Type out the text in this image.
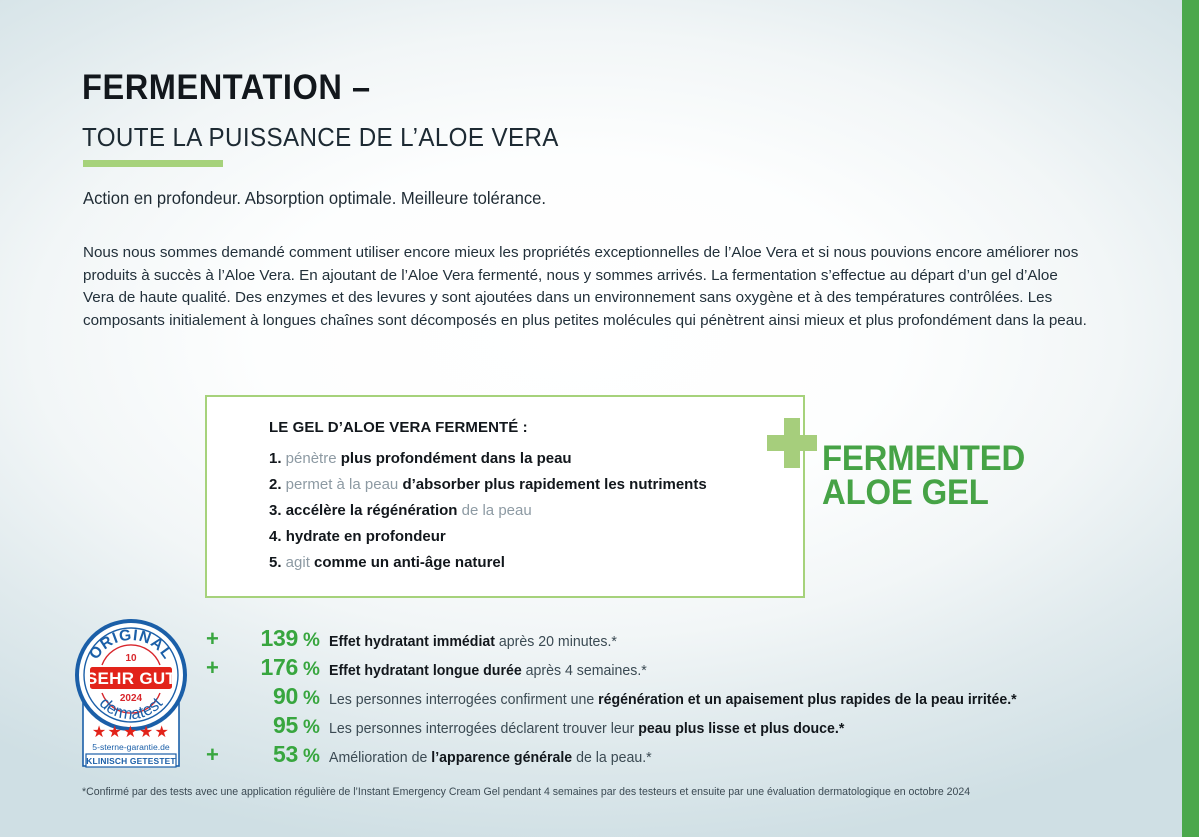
FERMENTATION –
TOUTE LA PUISSANCE DE L’ALOE VERA
Action en profondeur. Absorption optimale. Meilleure tolérance.

Nous nous sommes demandé comment utiliser encore mieux les propriétés exceptionnelles de l’Aloe Vera et si nous pouvions encore améliorer nos produits à succès à l’Aloe Vera. En ajoutant de l’Aloe Vera fermenté, nous y sommes arrivés. La fermentation s’effectue au départ d’un gel d’Aloe Vera de haute qualité. Des enzymes et des levures y sont ajoutées dans un environnement sans oxygène et à des températures contrôlées. Les composants initialement à longues chaînes sont décomposés en plus petites molécules qui pénètrent ainsi mieux et plus profondément dans la peau.

LE GEL D’ALOE VERA FERMENTÉ :
1. pénètre plus profondément dans la peau
2. permet à la peau d’absorber plus rapidement les nutriments
3. accélère la régénération de la peau
4. hydrate en profondeur
5. agit comme un anti-âge naturel
FERMENTED
ALOE GEL
ORIGINAL
10
SEHR GUT
2024
dermatest
★★★★★
5-sterne-garantie.de
KLINISCH GETESTET
+	139 % Effet hydratant immédiat après 20 minutes.*
+	176 % Effet hydratant longue durée après 4 semaines.*
90 % Les personnes interrogées confirment une régénération et un apaisement plus rapides de la peau irritée.*
95 % Les personnes interrogées déclarent trouver leur peau plus lisse et plus douce.*
+	53 % Amélioration de l’apparence générale de la peau.*
*Confirmé par des tests avec une application régulière de l’Instant Emergency Cream Gel pendant 4 semaines par des testeurs et ensuite par une évaluation dermatologique en octobre 2024
